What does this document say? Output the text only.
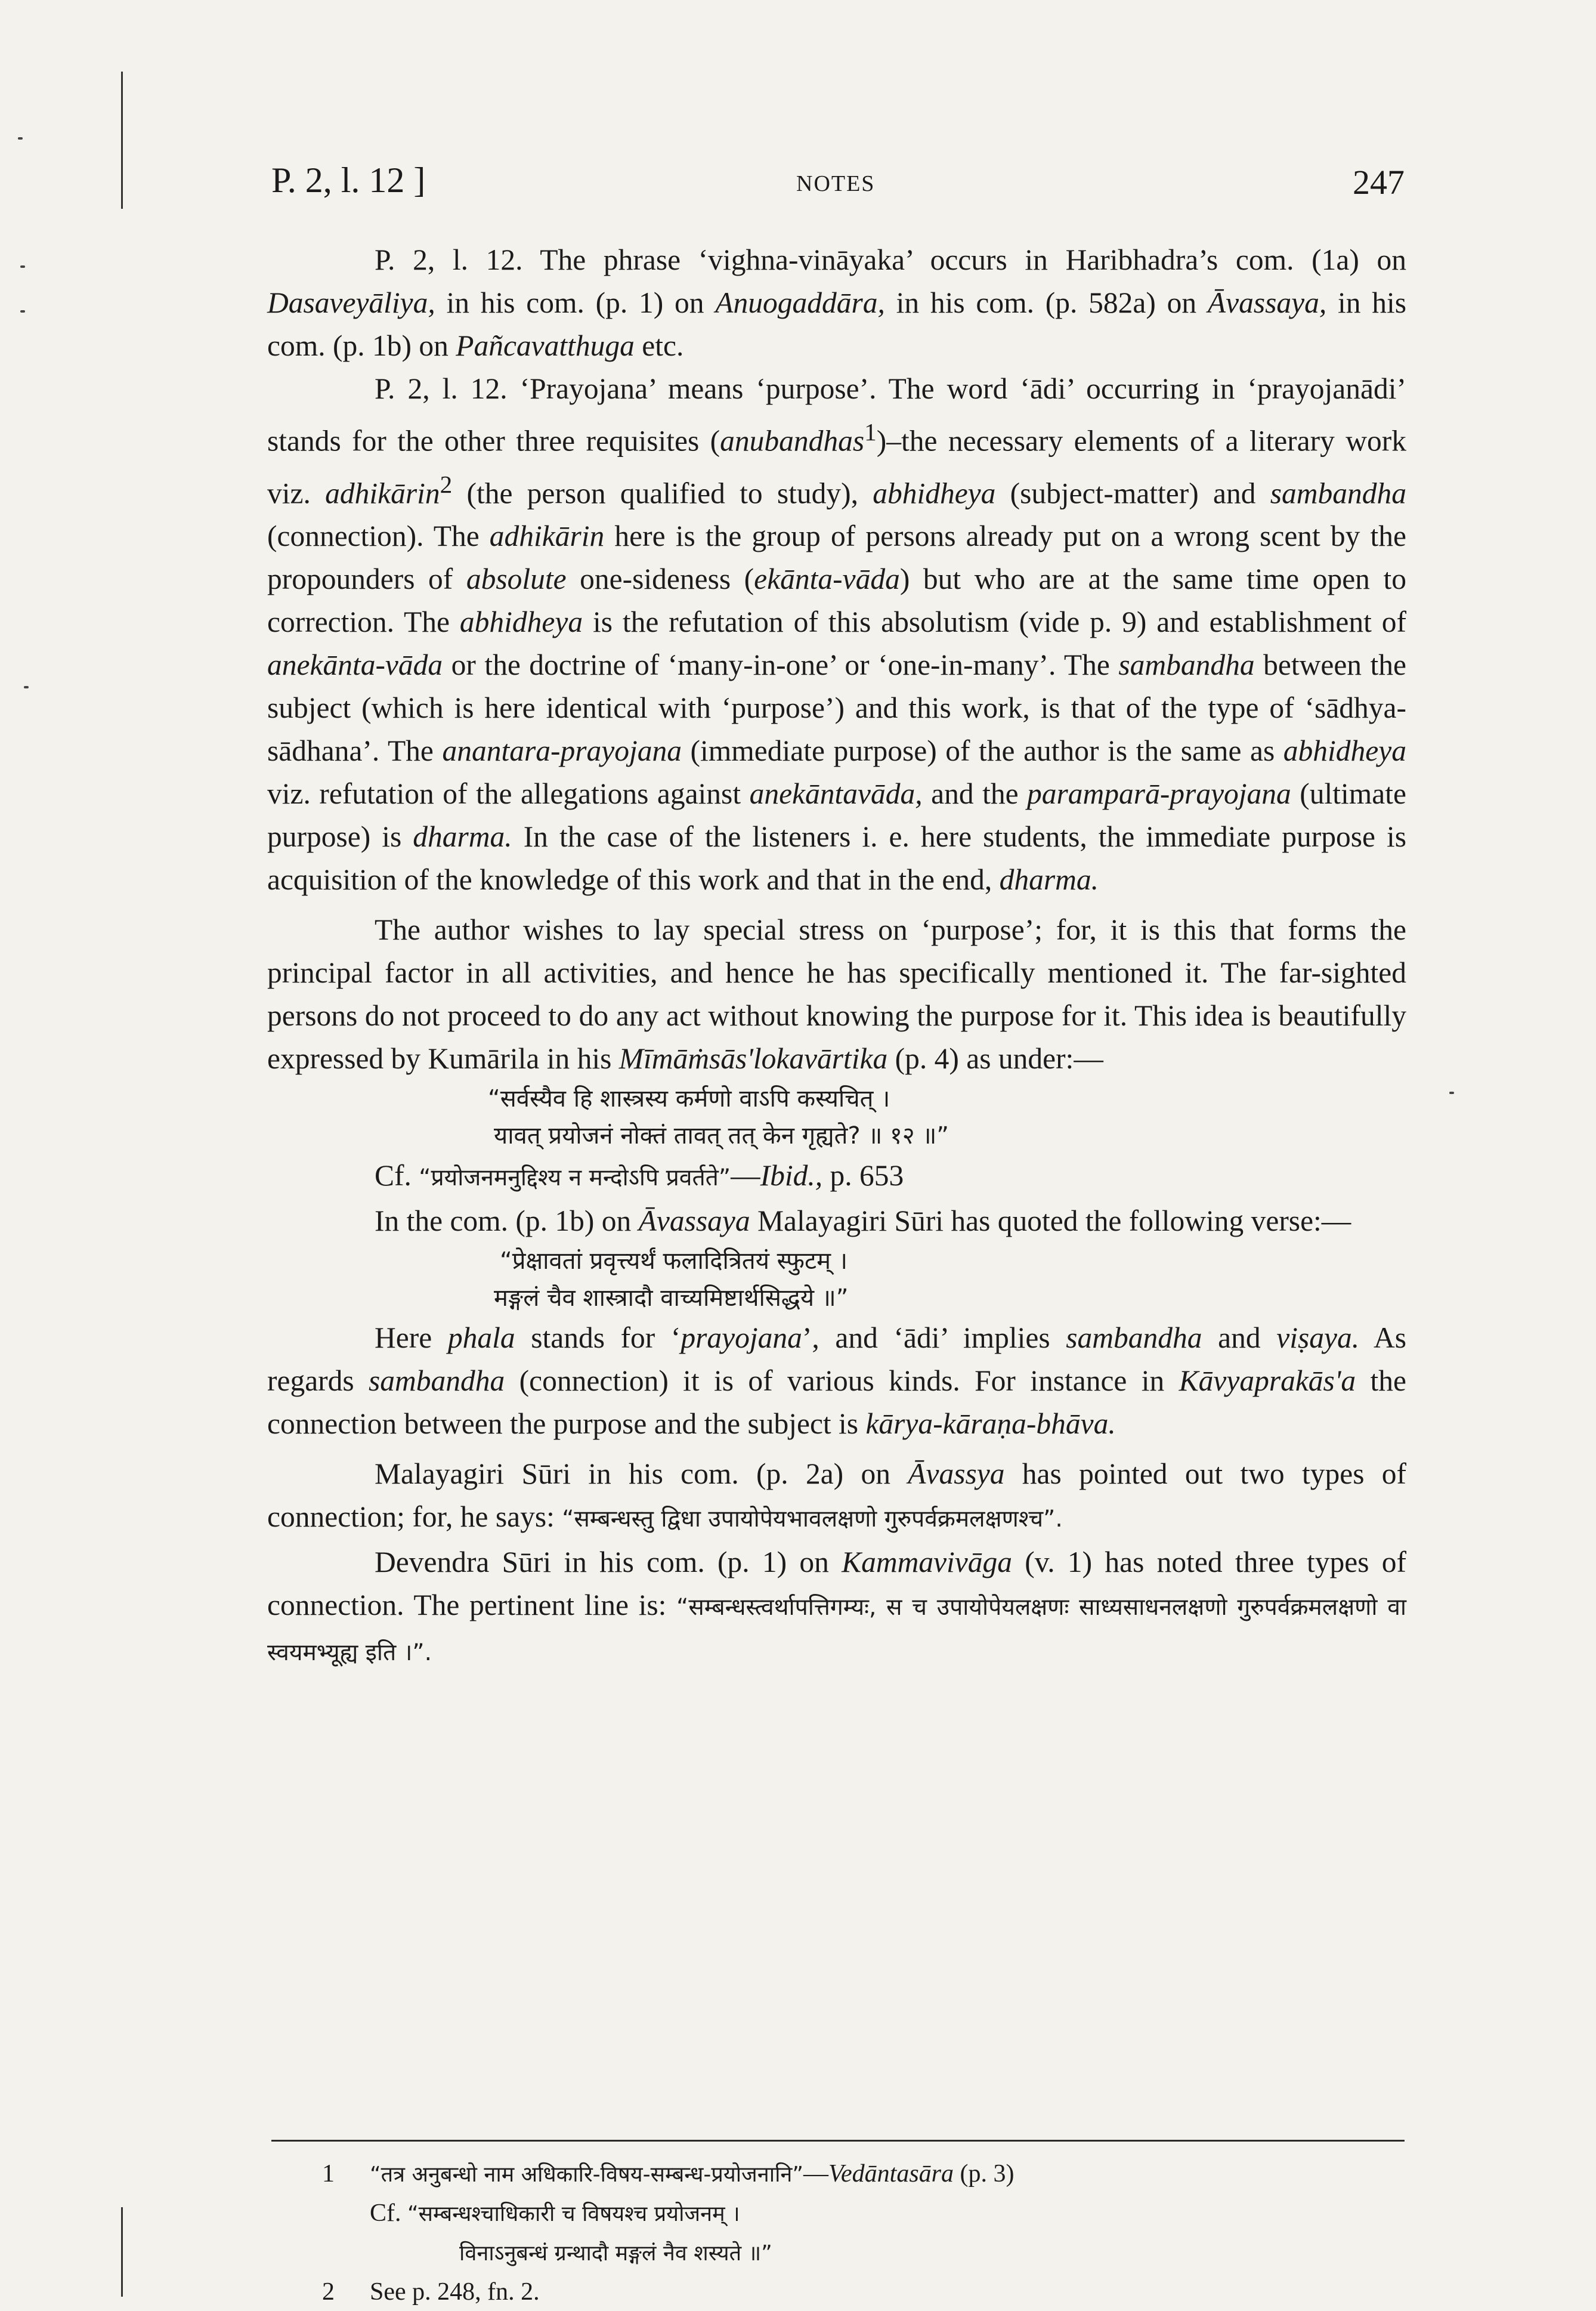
P. 2, l. 12 ]	NOTES	247

P. 2, l. 12. The phrase ‘vighna-vināyaka’ occurs in Haribhadra’s com. (1a) on Dasaveyāliya, in his com. (p. 1) on Anuogaddāra, in his com. (p. 582a) on Āvassaya, in his com. (p. 1b) on Pañcavatthuga etc.

P. 2, l. 12. ‘Prayojana’ means ‘purpose’. The word ‘ādi’ occurring in ‘prayojanādi’ stands for the other three requisites (anubandhas$^1$)–the necessary elements of a literary work viz. adhikārin$^2$ (the person qualified to study), abhidheya (subject-matter) and sambandha (connection). The adhikārin here is the group of persons already put on a wrong scent by the propounders of absolute one-sideness (ekānta-vāda) but who are at the same time open to correction. The abhidheya is the refutation of this absolutism (vide p. 9) and establishment of anekānta-vāda or the doctrine of ‘many-in-one’ or ‘one-in-many’. The sambandha between the subject (which is here identical with ‘purpose’) and this work, is that of the type of ‘sādhya-sādhana’. The anantara-prayojana (immediate purpose) of the author is the same as abhidheya viz. refutation of the allegations against anekāntavāda, and the paramparā-prayojana (ultimate purpose) is dharma. In the case of the listeners i. e. here students, the immediate purpose is acquisition of the knowledge of this work and that in the end, dharma.

The author wishes to lay special stress on ‘purpose’; for, it is this that forms the principal factor in all activities, and hence he has specifically mentioned it. The far-sighted persons do not proceed to do any act without knowing the purpose for it. This idea is beautifully expressed by Kumārila in his Mīmāṁsās'lokavārtika (p. 4) as under:—

“सर्वस्यैव हि शास्त्रस्य कर्मणो वाऽपि कस्यचित् ।
यावत् प्रयोजनं नोक्तं तावत् तत् केन गृह्यते? ॥ १२ ॥”

Cf. “प्रयोजनमनुद्दिश्य न मन्दोऽपि प्रवर्तते”—Ibid., p. 653

In the com. (p. 1b) on Āvassaya Malayagiri Sūri has quoted the following verse:—

“प्रेक्षावतां प्रवृत्त्यर्थं फलादित्रितयं स्फुटम् ।
मङ्गलं चैव शास्त्रादौ वाच्यमिष्टार्थसिद्धये ॥”

Here phala stands for ‘prayojana’, and ‘ādi’ implies sambandha and viṣaya. As regards sambandha (connection) it is of various kinds. For instance in Kāvyaprakās'a the connection between the purpose and the subject is kārya-kāraṇa-bhāva.

Malayagiri Sūri in his com. (p. 2a) on Āvassya has pointed out two types of connection; for, he says: “सम्बन्धस्तु द्विधा उपायोपेयभावलक्षणो गुरुपर्वक्रमलक्षणश्च”.

Devendra Sūri in his com. (p. 1) on Kammavivāga (v. 1) has noted three types of connection. The pertinent line is: “सम्बन्धस्त्वर्थापत्तिगम्यः, स च उपायोपेयलक्षणः साध्यसाधनलक्षणो गुरुपर्वक्रमलक्षणो वा स्वयमभ्यूह्य इति ।”.

1 “तत्र अनुबन्धो नाम अधिकारि-विषय-सम्बन्ध-प्रयोजनानि”—Vedāntasāra (p. 3)
Cf. “सम्बन्धश्चाधिकारी च विषयश्च प्रयोजनम् ।
विनाऽनुबन्धं ग्रन्थादौ मङ्गलं नैव शस्यते ॥”
2 See p. 248, fn. 2.
